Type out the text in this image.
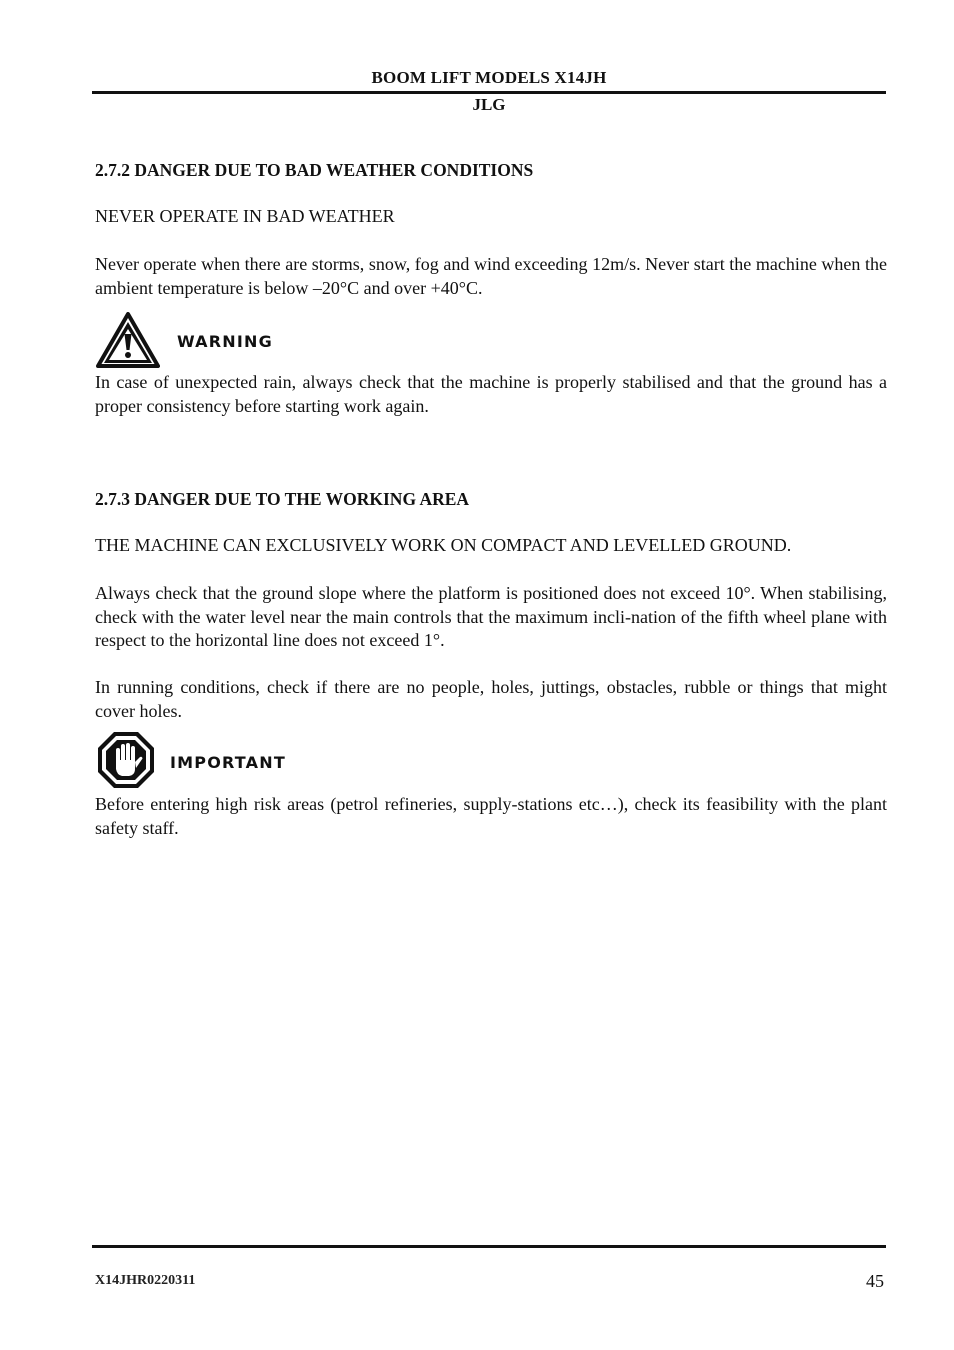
BOOM LIFT MODELS X14JH
JLG
2.7.2 DANGER DUE TO BAD WEATHER CONDITIONS
NEVER OPERATE IN BAD WEATHER
Never operate when there are storms, snow, fog and wind exceeding 12m/s. Never start the machine when the ambient temperature is below –20°C and over +40°C.
WARNING
In case of unexpected rain, always check that the machine is properly stabilised and that the ground has a proper consistency before starting work again.
2.7.3 DANGER DUE TO THE WORKING AREA
THE MACHINE CAN EXCLUSIVELY WORK ON COMPACT AND LEVELLED GROUND.
Always check that the ground slope where the platform is positioned does not exceed 10°. When stabilising, check with the water level near the main controls that the maximum incli-nation of the fifth wheel plane with respect to the horizontal line does not exceed 1°.
In running conditions, check if there are no people, holes, juttings, obstacles, rubble or things that might cover holes.
IMPORTANT
Before entering high risk areas (petrol refineries, supply-stations etc…), check its feasibility with the plant safety staff.
X14JHR0220311	45
